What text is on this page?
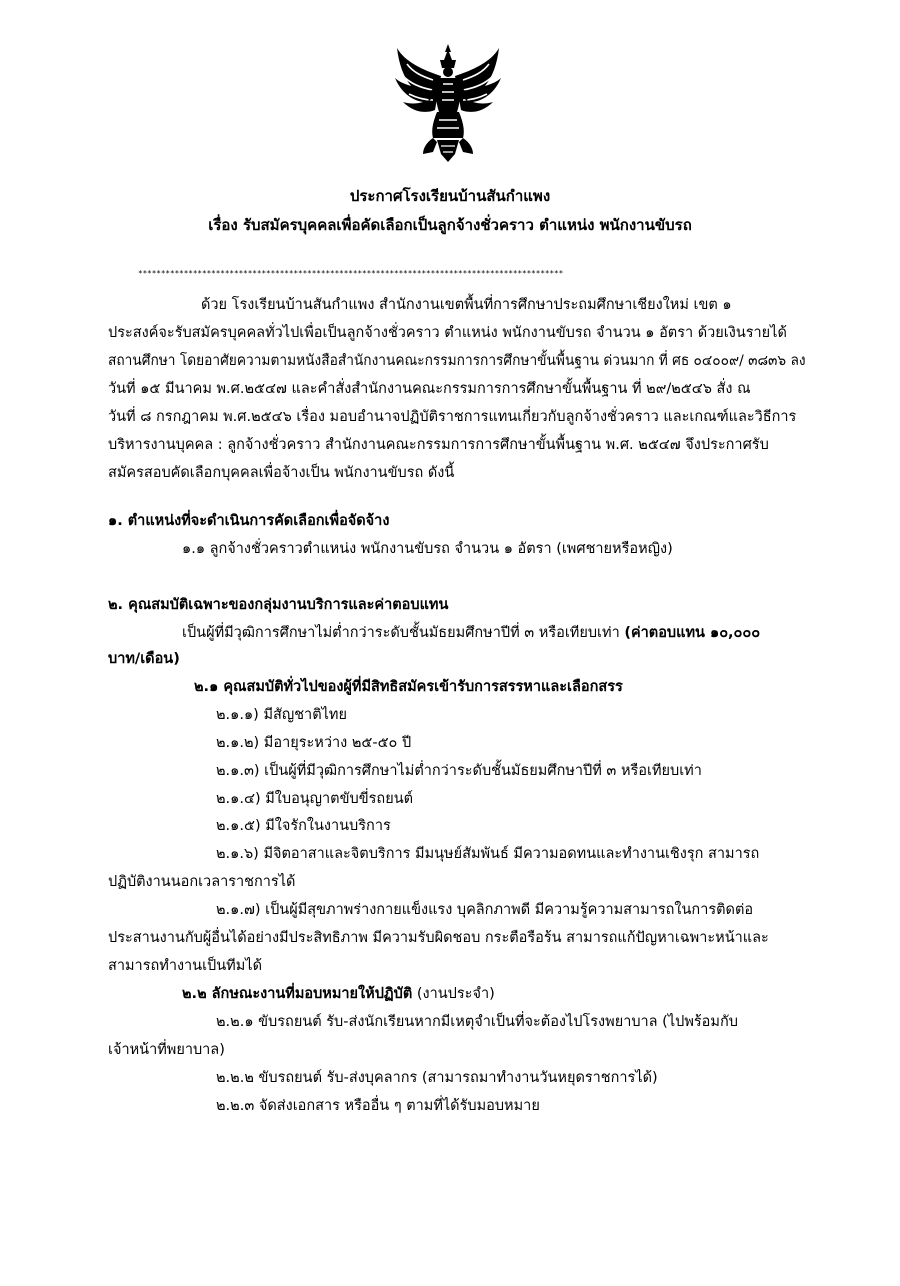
ประกาศโรงเรียนบ้านสันกำแพง
เรื่อง รับสมัครบุคคลเพื่อคัดเลือกเป็นลูกจ้างชั่วคราว ตำแหน่ง พนักงานขับรถ
*********************************************************************************************
ด้วย โรงเรียนบ้านสันกำแพง สำนักงานเขตพื้นที่การศึกษาประถมศึกษาเชียงใหม่ เขต ๑
ประสงค์จะรับสมัครบุคคลทั่วไปเพื่อเป็นลูกจ้างชั่วคราว ตำแหน่ง พนักงานขับรถ จำนวน ๑ อัตรา ด้วยเงินรายได้
สถานศึกษา โดยอาศัยความตามหนังสือสำนักงานคณะกรรมการการศึกษาขั้นพื้นฐาน ด่วนมาก ที่ ศธ ๐๔๐๐๙/ ๓๘๓๖ ลง
วันที่ ๑๕ มีนาคม พ.ศ.๒๕๔๗ และคำสั่งสำนักงานคณะกรรมการการศึกษาขั้นพื้นฐาน ที่ ๒๙/๒๕๔๖ สั่ง ณ
วันที่ ๘ กรกฎาคม พ.ศ.๒๕๔๖ เรื่อง มอบอำนาจปฏิบัติราชการแทนเกี่ยวกับลูกจ้างชั่วคราว และเกณฑ์และวิธีการ
บริหารงานบุคคล : ลูกจ้างชั่วคราว สำนักงานคณะกรรมการการศึกษาขั้นพื้นฐาน พ.ศ. ๒๕๔๗ จึงประกาศรับ
สมัครสอบคัดเลือกบุคคลเพื่อจ้างเป็น พนักงานขับรถ ดังนี้
๑. ตำแหน่งที่จะดำเนินการคัดเลือกเพื่อจัดจ้าง
๑.๑ ลูกจ้างชั่วคราวตำแหน่ง พนักงานขับรถ จำนวน ๑ อัตรา (เพศชายหรือหญิง)
๒. คุณสมบัติเฉพาะของกลุ่มงานบริการและค่าตอบแทน
เป็นผู้ที่มีวุฒิการศึกษาไม่ต่ำกว่าระดับชั้นมัธยมศึกษาปีที่ ๓ หรือเทียบเท่า (ค่าตอบแทน ๑๐,๐๐๐
บาท/เดือน)
๒.๑ คุณสมบัติทั่วไปของผู้ที่มีสิทธิสมัครเข้ารับการสรรหาและเลือกสรร
๒.๑.๑) มีสัญชาติไทย
๒.๑.๒) มีอายุระหว่าง ๒๕-๕๐ ปี
๒.๑.๓) เป็นผู้ที่มีวุฒิการศึกษาไม่ต่ำกว่าระดับชั้นมัธยมศึกษาปีที่ ๓ หรือเทียบเท่า
๒.๑.๔) มีใบอนุญาตขับขี่รถยนต์
๒.๑.๕) มีใจรักในงานบริการ
๒.๑.๖) มีจิตอาสาและจิตบริการ มีมนุษย์สัมพันธ์ มีความอดทนและทำงานเชิงรุก สามารถ
ปฏิบัติงานนอกเวลาราชการได้
๒.๑.๗) เป็นผู้มีสุขภาพร่างกายแข็งแรง บุคลิกภาพดี มีความรู้ความสามารถในการติดต่อ
ประสานงานกับผู้อื่นได้อย่างมีประสิทธิภาพ มีความรับผิดชอบ กระตือรือร้น สามารถแก้ปัญหาเฉพาะหน้าและ
สามารถทำงานเป็นทีมได้
๒.๒ ลักษณะงานที่มอบหมายให้ปฏิบัติ (งานประจำ)
๒.๒.๑ ขับรถยนต์ รับ-ส่งนักเรียนหากมีเหตุจำเป็นที่จะต้องไปโรงพยาบาล (ไปพร้อมกับ
เจ้าหน้าที่พยาบาล)
๒.๒.๒ ขับรถยนต์ รับ-ส่งบุคลากร (สามารถมาทำงานวันหยุดราชการได้)
๒.๒.๓ จัดส่งเอกสาร หรืออื่น ๆ ตามที่ได้รับมอบหมาย
